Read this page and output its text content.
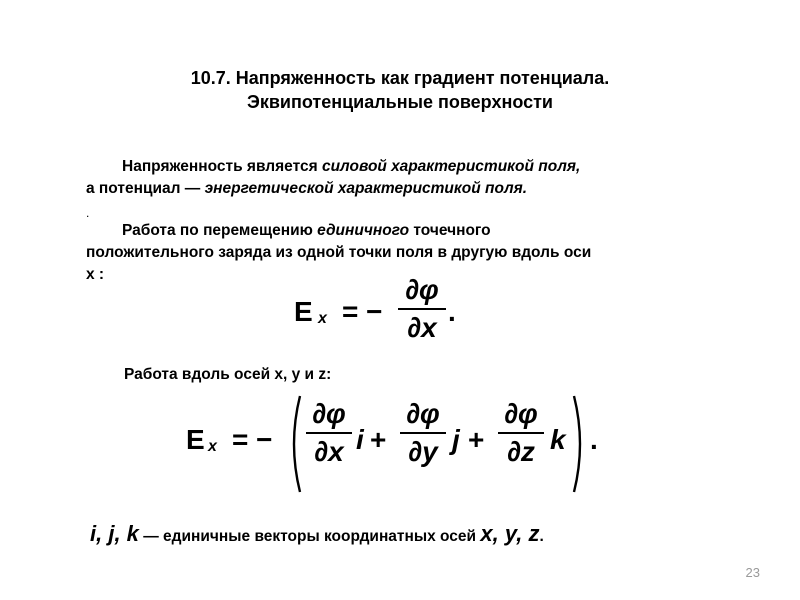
10.7. Напряженность как градиент потенциала.
Эквипотенциальные поверхности
Напряженность является силовой характеристикой поля,
а потенциал — энергетической характеристикой поля.
.
Работа по перемещению единичного точечного
положительного заряда из одной точки поля в другую вдоль оси
x :
E x = −
∂φ
∂x
.
Работа вдоль осей x, y и z:
E x = −
∂φ
∂x i +
∂φ
∂y j +
∂φ
∂z k .
i, j, k — единичные векторы координатных осей x, y, z.
23
